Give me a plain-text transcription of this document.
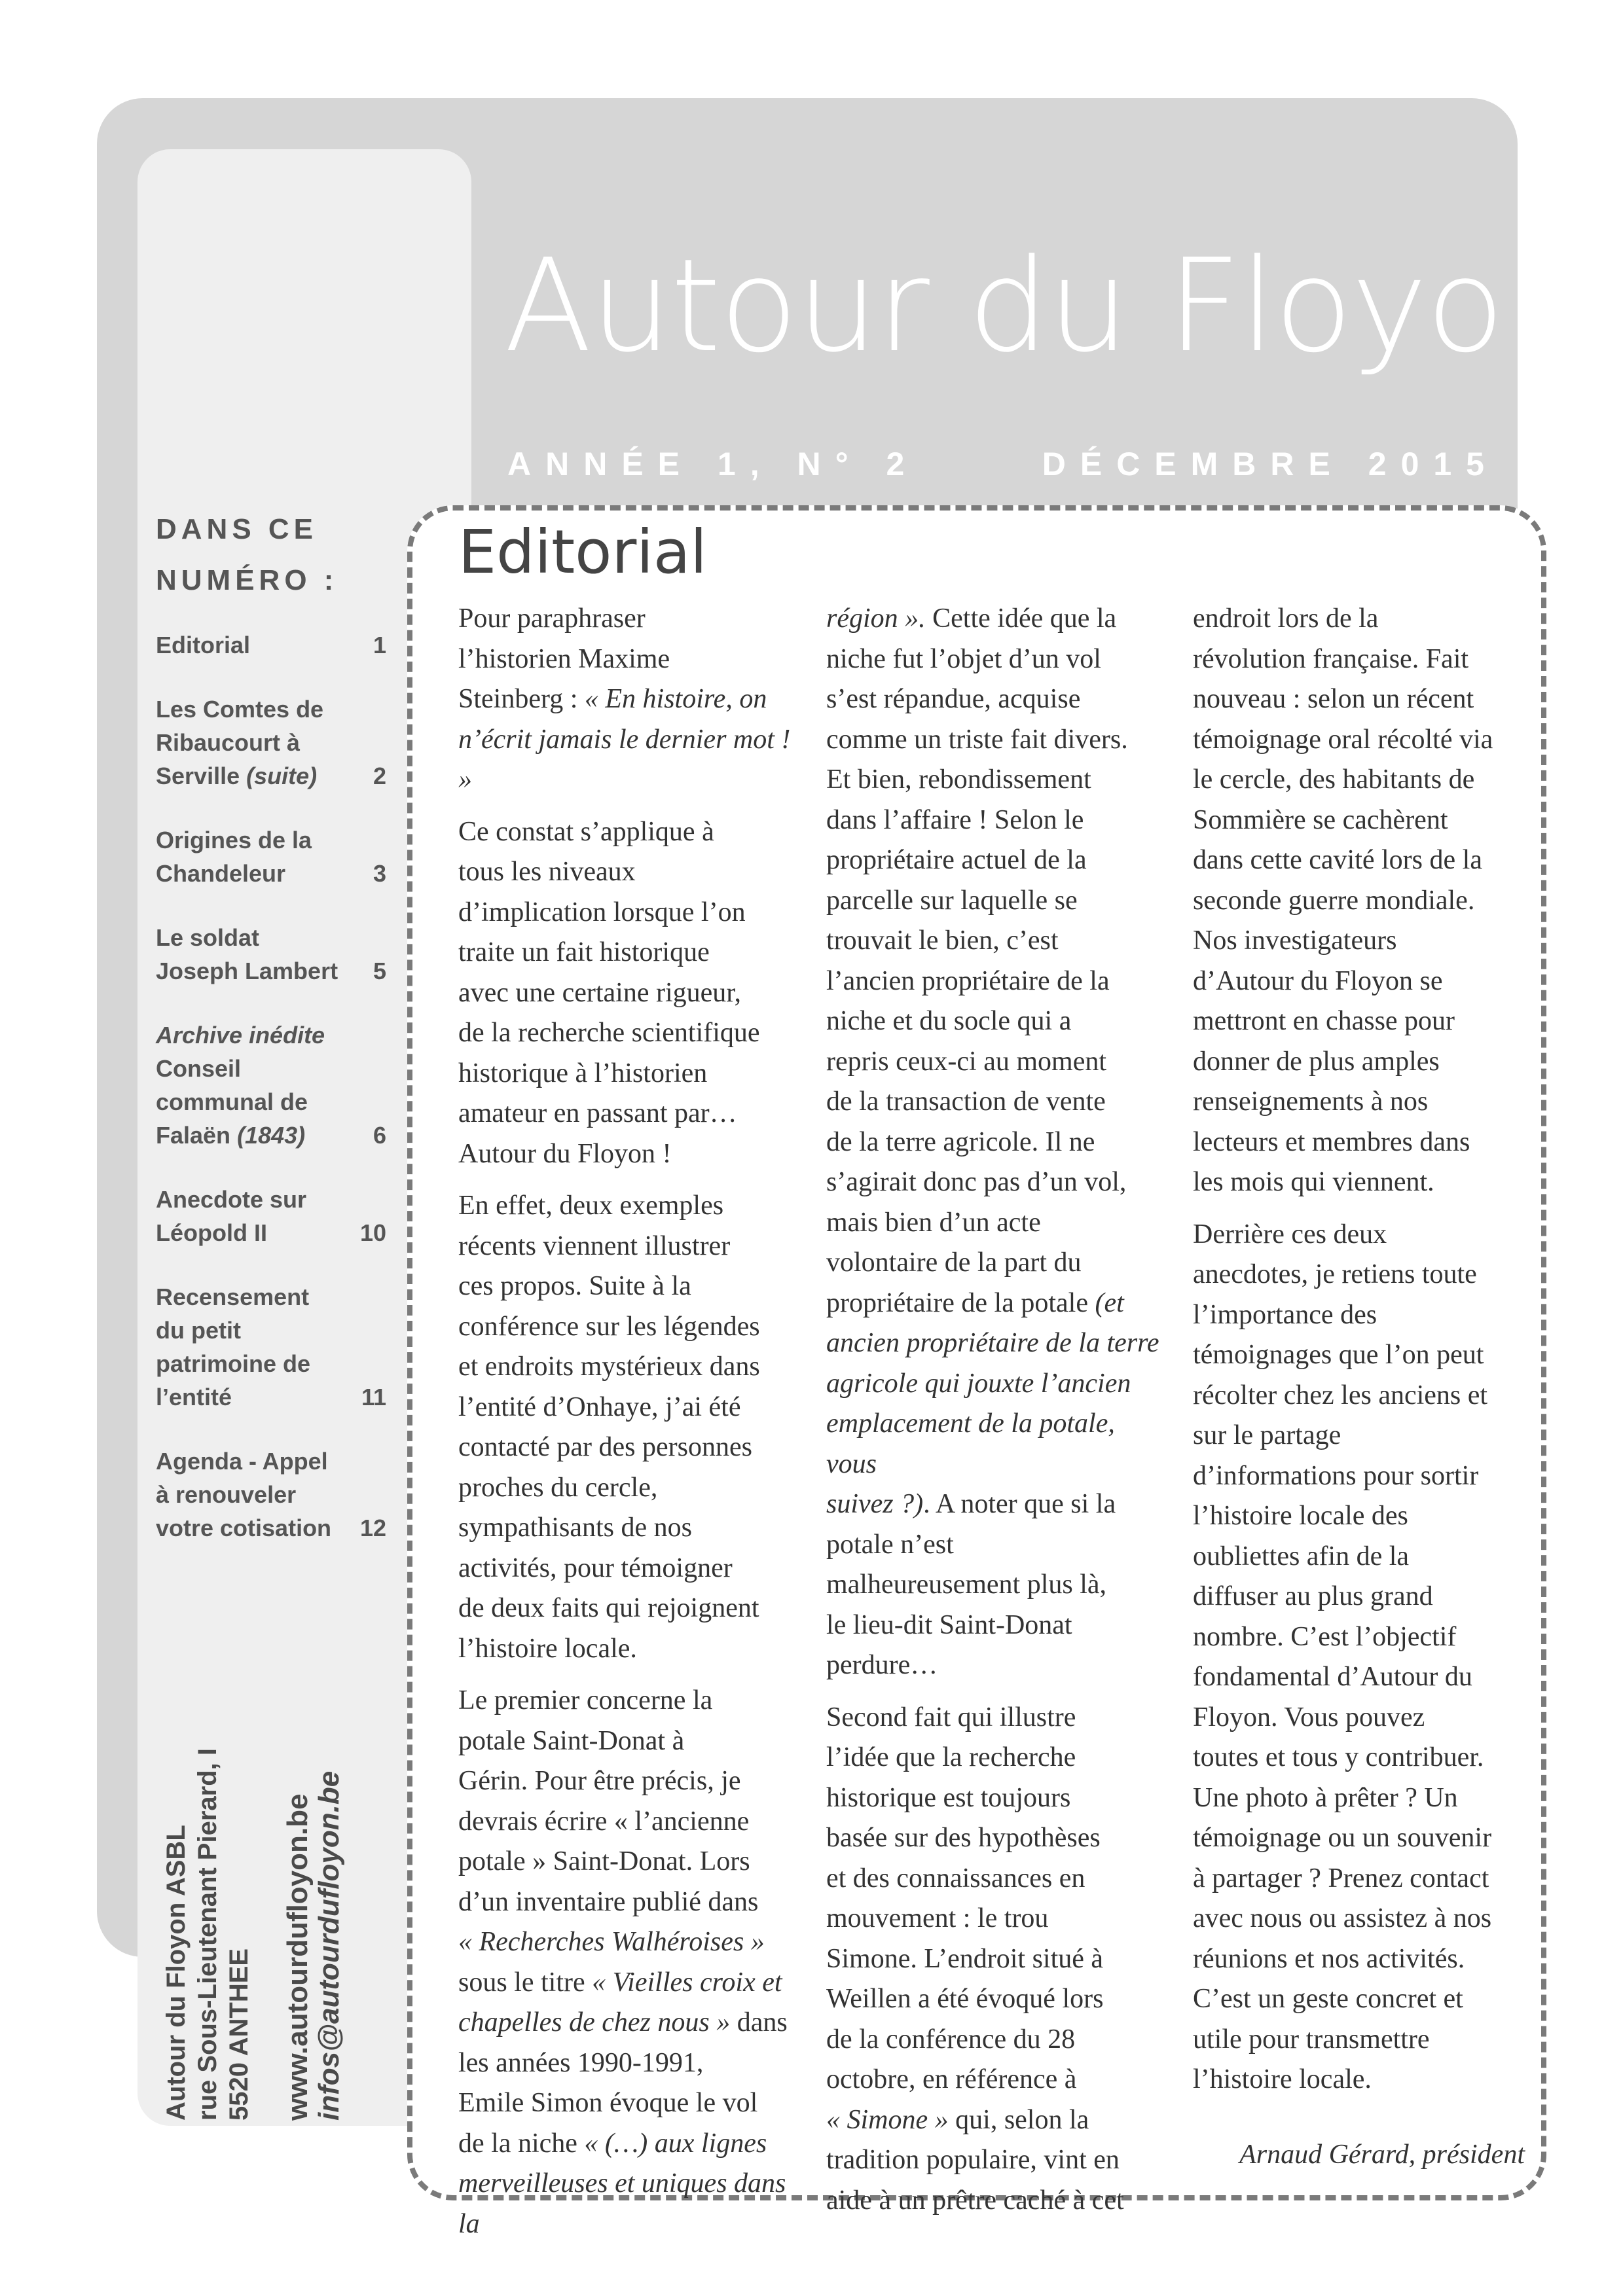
Autour du Floyon
ANNÉE 1, N° 2	DÉCEMBRE 2015
DANS CE NUMÉRO :
Editorial	1
Les Comtes de
Ribaucourt à
Serville (suite)	2
Origines de la
Chandeleur	3
Le soldat
Joseph Lambert	5
Archive inédite
Conseil
communal de
Falaën (1843)	6
Anecdote sur
Léopold II	10
Recensement
du petit
patrimoine de
l’entité	11
Agenda - Appel
à renouveler
votre cotisation	12
Autour du Floyon ASBL rue Sous-Lieutenant Pierard, I 5520 ANTHEE www.autourdufloyon.be infos@autourdufloyon.be
Editorial

Pour paraphraser
l’historien Maxime
Steinberg : « En histoire, on
n’écrit jamais le dernier mot ! »

Ce constat s’applique à
tous les niveaux
d’implication lorsque l’on
traite un fait historique
avec une certaine rigueur,
de la recherche scientifique
historique à l’historien
amateur en passant par…
Autour du Floyon !

En effet, deux exemples
récents viennent illustrer
ces propos. Suite à la
conférence sur les légendes
et endroits mystérieux dans
l’entité d’Onhaye, j’ai été
contacté par des personnes
proches du cercle,
sympathisants de nos
activités, pour témoigner
de deux faits qui rejoignent
l’histoire locale.

Le premier concerne la
potale Saint-Donat à
Gérin. Pour être précis, je
devrais écrire « l’ancienne
potale » Saint-Donat. Lors
d’un inventaire publié dans
« Recherches Walhéroises »
sous le titre « Vieilles croix et
chapelles de chez nous » dans
les années 1990-1991,
Emile Simon évoque le vol
de la niche « (…) aux lignes
merveilleuses et uniques dans la

région ». Cette idée que la
niche fut l’objet d’un vol
s’est répandue, acquise
comme un triste fait divers.
Et bien, rebondissement
dans l’affaire ! Selon le
propriétaire actuel de la
parcelle sur laquelle se
trouvait le bien, c’est
l’ancien propriétaire de la
niche et du socle qui a
repris ceux-ci au moment
de la transaction de vente
de la terre agricole. Il ne
s’agirait donc pas d’un vol,
mais bien d’un acte
volontaire de la part du
propriétaire de la potale (et
ancien propriétaire de la terre
agricole qui jouxte l’ancien
emplacement de la potale, vous
suivez ?). A noter que si la
potale n’est
malheureusement plus là,
le lieu-dit Saint-Donat
perdure…

Second fait qui illustre
l’idée que la recherche
historique est toujours
basée sur des hypothèses
et des connaissances en
mouvement : le trou
Simone. L’endroit situé à
Weillen a été évoqué lors
de la conférence du 28
octobre, en référence à
« Simone » qui, selon la
tradition populaire, vint en
aide à un prêtre caché à cet

endroit lors de la
révolution française. Fait
nouveau : selon un récent
témoignage oral récolté via
le cercle, des habitants de
Sommière se cachèrent
dans cette cavité lors de la
seconde guerre mondiale.
Nos investigateurs
d’Autour du Floyon se
mettront en chasse pour
donner de plus amples
renseignements à nos
lecteurs et membres dans
les mois qui viennent.

Derrière ces deux
anecdotes, je retiens toute
l’importance des
témoignages que l’on peut
récolter chez les anciens et
sur le partage
d’informations pour sortir
l’histoire locale des
oubliettes afin de la
diffuser au plus grand
nombre. C’est l’objectif
fondamental d’Autour du
Floyon. Vous pouvez
toutes et tous y contribuer.
Une photo à prêter ? Un
témoignage ou un souvenir
à partager ? Prenez contact
avec nous ou assistez à nos
réunions et nos activités.
C’est un geste concret et
utile pour transmettre
l’histoire locale.

Arnaud Gérard, président
